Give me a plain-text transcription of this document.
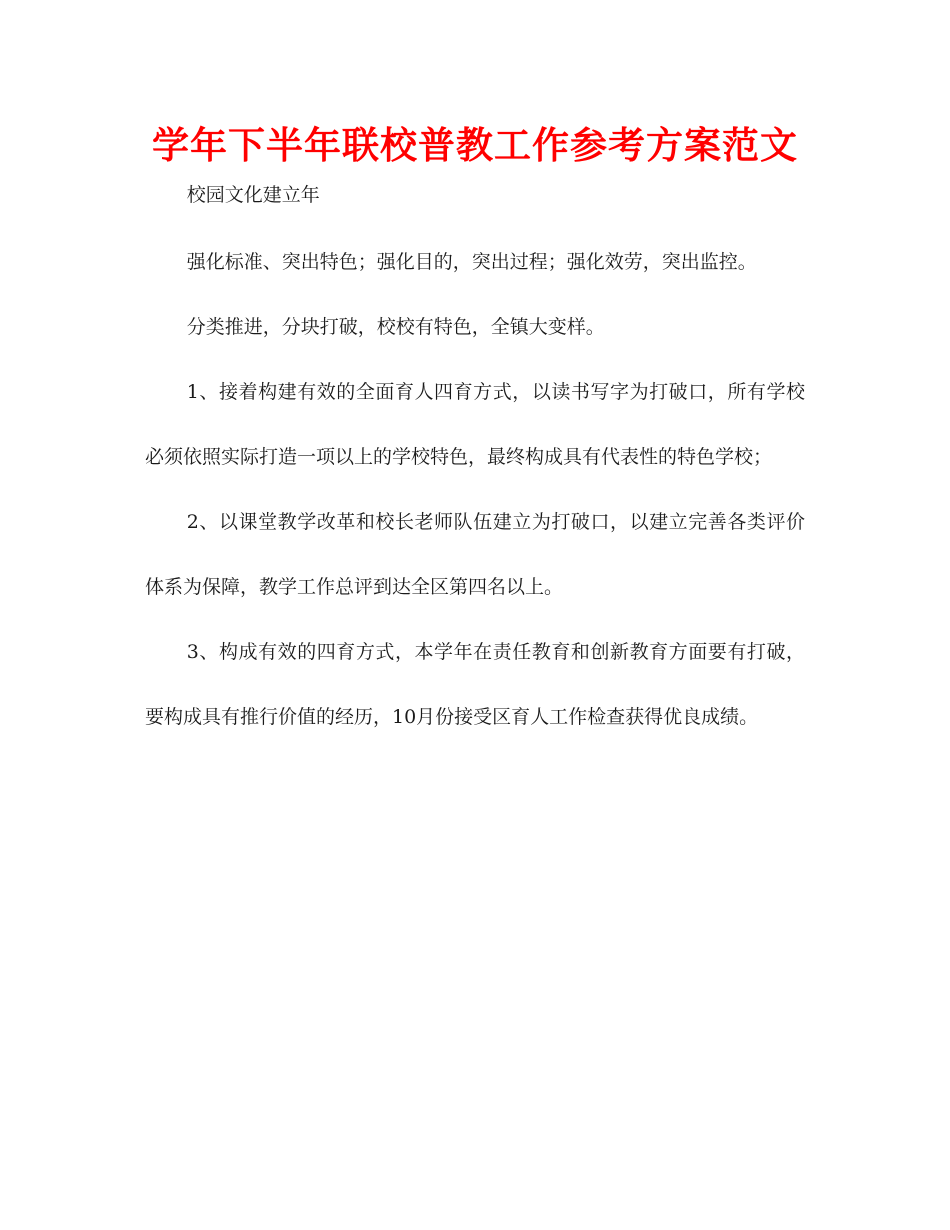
学年下半年联校普教工作参考方案范文

校园文化建立年

强化标准、突出特色；强化目的，突出过程；强化效劳，突出监控。

分类推进，分块打破，校校有特色，全镇大变样。

1、接着构建有效的全面育人四育方式，以读书写字为打破口，所有学校必须依照实际打造一项以上的学校特色，最终构成具有代表性的特色学校；

2、以课堂教学改革和校长老师队伍建立为打破口，以建立完善各类评价体系为保障，教学工作总评到达全区第四名以上。

3、构成有效的四育方式，本学年在责任教育和创新教育方面要有打破，要构成具有推行价值的经历，10月份接受区育人工作检查获得优良成绩。
